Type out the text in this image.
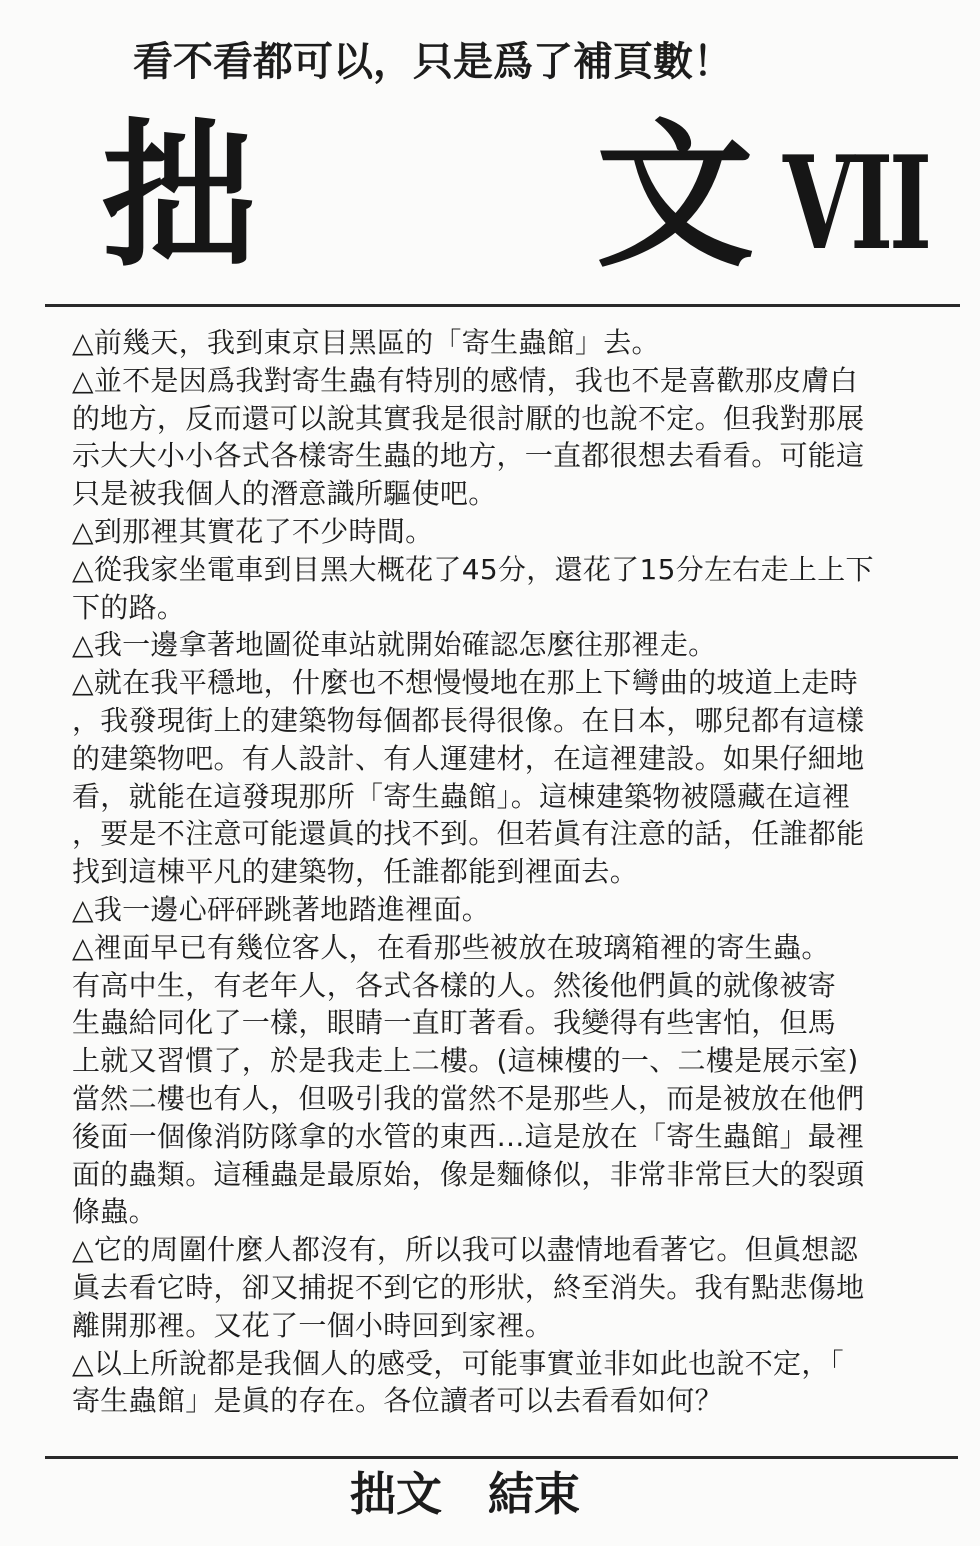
看不看都可以，只是爲了補頁數！
拙 文 VII
△前幾天，我到東京目黑區的「寄生蟲館」去。
△並不是因爲我對寄生蟲有特別的感情，我也不是喜歡那皮膚白
的地方，反而還可以說其實我是很討厭的也說不定。但我對那展
示大大小小各式各樣寄生蟲的地方，一直都很想去看看。可能這
只是被我個人的潛意識所驅使吧。
△到那裡其實花了不少時間。
△從我家坐電車到目黑大概花了45分，還花了15分左右走上上下
下的路。
△我一邊拿著地圖從車站就開始確認怎麼往那裡走。
△就在我平穩地，什麼也不想慢慢地在那上下彎曲的坡道上走時
，我發現街上的建築物每個都長得很像。在日本，哪兒都有這樣
的建築物吧。有人設計、有人運建材，在這裡建設。如果仔細地
看，就能在這發現那所「寄生蟲館」。這棟建築物被隱藏在這裡
，要是不注意可能還眞的找不到。但若眞有注意的話，任誰都能
找到這棟平凡的建築物，任誰都能到裡面去。
△我一邊心砰砰跳著地踏進裡面。
△裡面早已有幾位客人，在看那些被放在玻璃箱裡的寄生蟲。
有高中生，有老年人，各式各樣的人。然後他們眞的就像被寄
生蟲給同化了一樣，眼睛一直盯著看。我變得有些害怕，但馬
上就又習慣了，於是我走上二樓。(這棟樓的一、二樓是展示室)
當然二樓也有人，但吸引我的當然不是那些人，而是被放在他們
後面一個像消防隊拿的水管的東西…這是放在「寄生蟲館」最裡
面的蟲類。這種蟲是最原始，像是麵條似，非常非常巨大的裂頭
條蟲。
△它的周圍什麼人都沒有，所以我可以盡情地看著它。但眞想認
眞去看它時，卻又捕捉不到它的形狀，終至消失。我有點悲傷地
離開那裡。又花了一個小時回到家裡。
△以上所說都是我個人的感受，可能事實並非如此也說不定，「
寄生蟲館」是眞的存在。各位讀者可以去看看如何？
拙文　結束
